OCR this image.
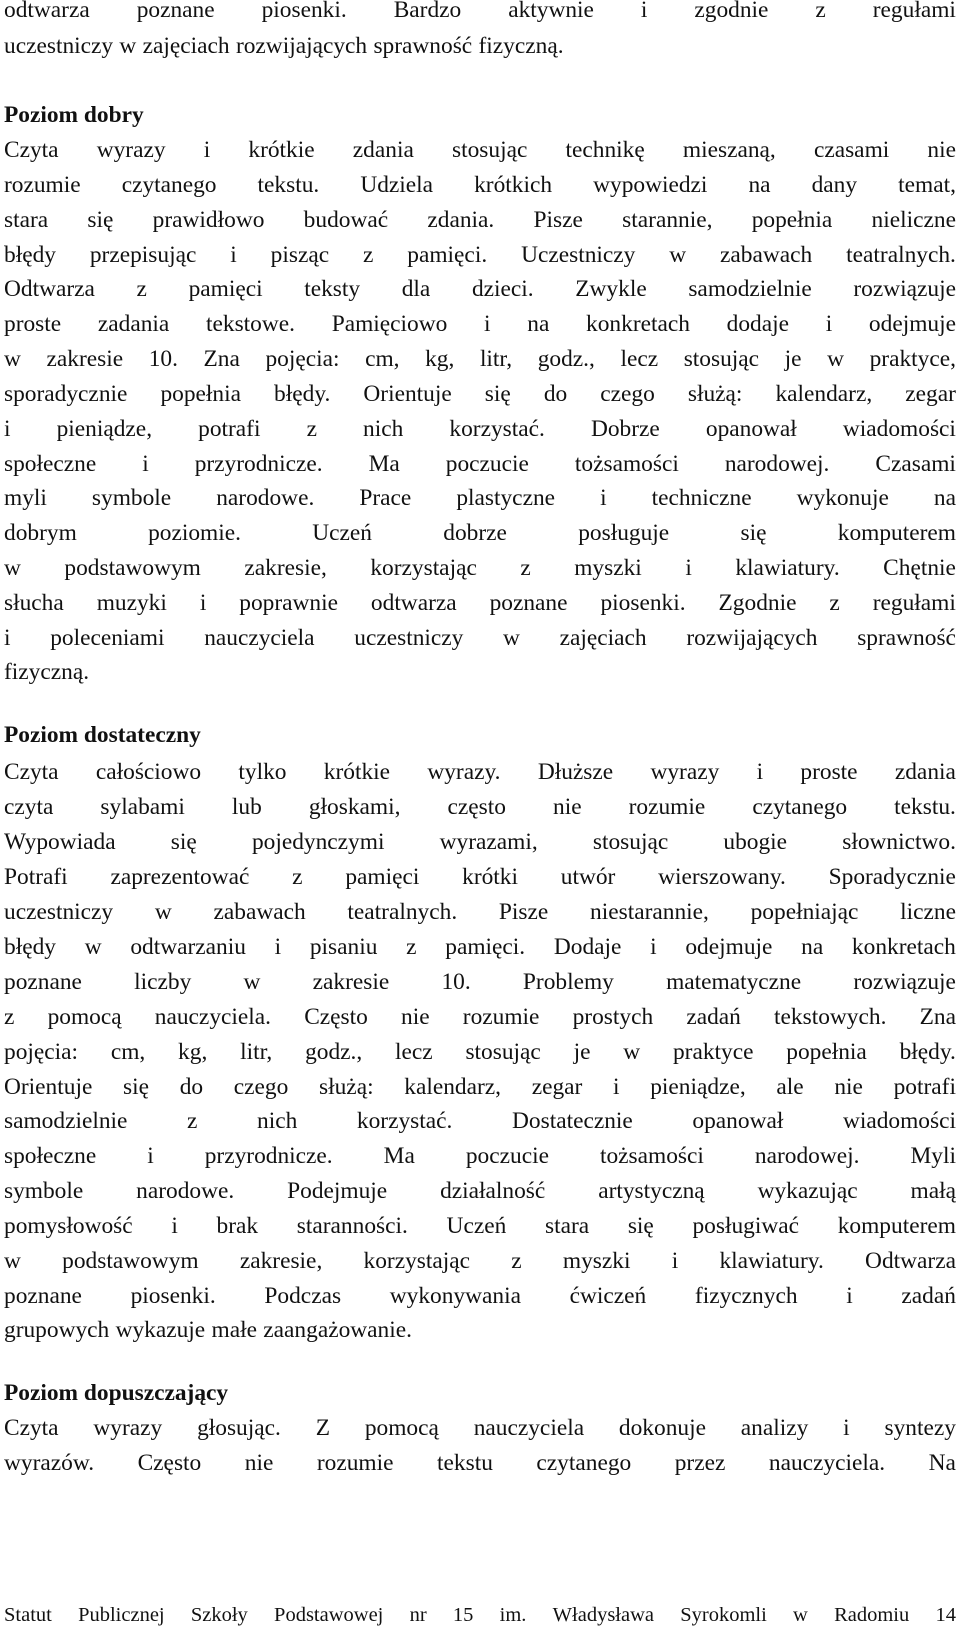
odtwarza poznane piosenki. Bardzo aktywnie i zgodnie z regułami
uczestniczy w zajęciach rozwijających sprawność fizyczną.
Poziom dobry
Czyta wyrazy i krótkie zdania stosując technikę mieszaną, czasami nie
rozumie czytanego tekstu. Udziela krótkich wypowiedzi na dany temat,
stara się prawidłowo budować zdania. Pisze starannie, popełnia nieliczne
błędy przepisując i pisząc z pamięci. Uczestniczy w zabawach teatralnych.
Odtwarza z pamięci teksty dla dzieci. Zwykle samodzielnie rozwiązuje
proste zadania tekstowe. Pamięciowo i na konkretach dodaje i odejmuje
w zakresie 10. Zna pojęcia: cm, kg, litr, godz., lecz stosując je w praktyce,
sporadycznie popełnia błędy. Orientuje się do czego służą: kalendarz, zegar
i pieniądze, potrafi z nich korzystać. Dobrze opanował wiadomości
społeczne i przyrodnicze. Ma poczucie tożsamości narodowej. Czasami
myli symbole narodowe. Prace plastyczne i techniczne wykonuje na
dobrym	poziomie.	Uczeń	dobrze	posługuje	się	komputerem
w podstawowym zakresie, korzystając z myszki i klawiatury. Chętnie
słucha muzyki i poprawnie odtwarza poznane piosenki. Zgodnie z regułami
i poleceniami nauczyciela uczestniczy w zajęciach rozwijających sprawność
fizyczną.
Poziom dostateczny
Czyta całościowo tylko krótkie wyrazy. Dłuższe wyrazy i proste zdania
czyta sylabami lub głoskami, często nie rozumie czytanego tekstu.
Wypowiada się pojedynczymi wyrazami, stosując ubogie słownictwo.
Potrafi zaprezentować z pamięci krótki utwór wierszowany. Sporadycznie
uczestniczy w zabawach teatralnych. Pisze niestarannie, popełniając liczne
błędy w odtwarzaniu i pisaniu z pamięci. Dodaje i odejmuje na konkretach
poznane liczby w zakresie 10. Problemy matematyczne rozwiązuje
z pomocą nauczyciela. Często nie rozumie prostych zadań tekstowych. Zna
pojęcia: cm, kg, litr, godz., lecz stosując je w praktyce popełnia błędy.
Orientuje się do czego służą: kalendarz, zegar i pieniądze, ale nie potrafi
samodzielnie	z	nich	korzystać.	Dostatecznie	opanował	wiadomości
społeczne i przyrodnicze. Ma poczucie tożsamości narodowej. Myli
symbole narodowe. Podejmuje działalność artystyczną wykazując małą
pomysłowość i brak staranności. Uczeń stara się posługiwać komputerem
w podstawowym zakresie, korzystając z myszki i klawiatury. Odtwarza
poznane piosenki. Podczas wykonywania ćwiczeń fizycznych i zadań
grupowych wykazuje małe zaangażowanie.
Poziom dopuszczający
Czyta wyrazy głosując. Z pomocą nauczyciela dokonuje analizy i syntezy
wyrazów. Często nie rozumie tekstu czytanego przez nauczyciela. Na
Statut Publicznej Szkoły Podstawowej nr 15 im. Władysława Syrokomli w Radomiu 14
